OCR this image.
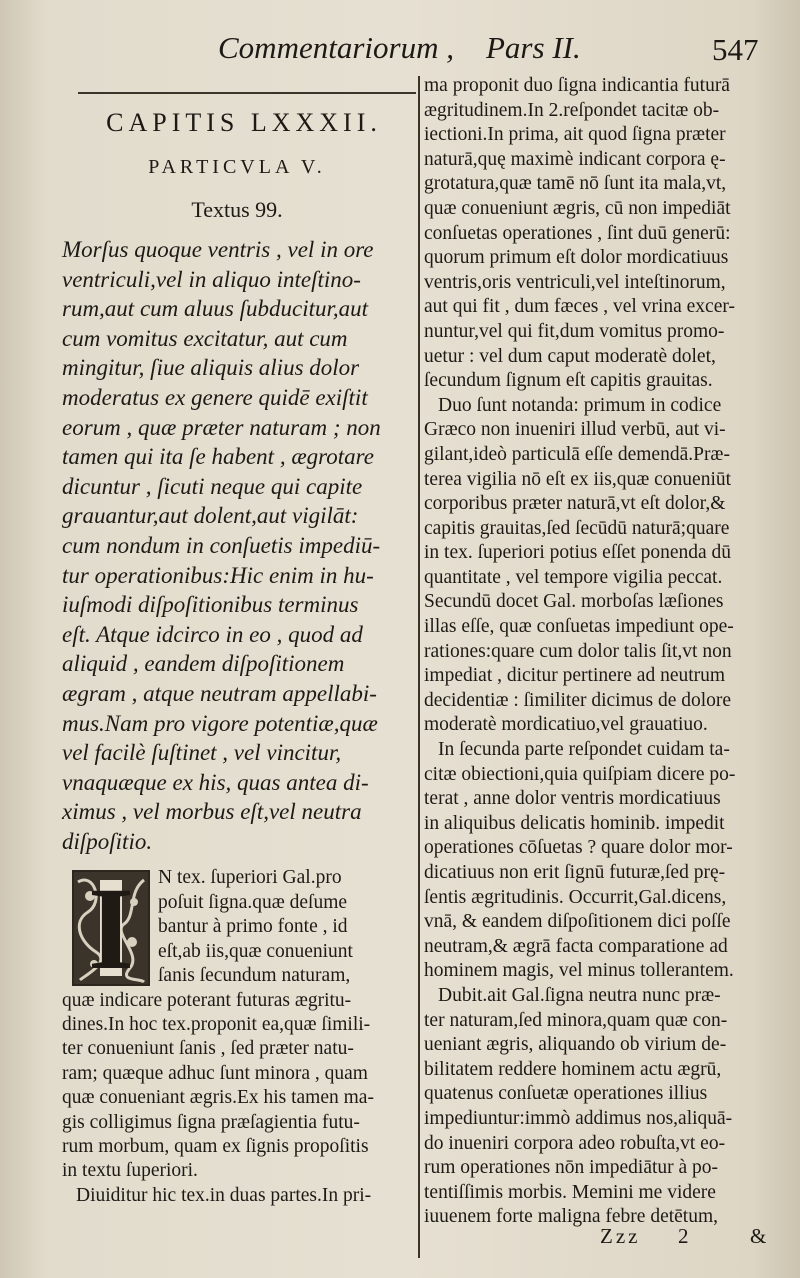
Commentariorum , Pars II.	547
CAPITIS LXXXII.
PARTICVLA V.
Textus 99.
Morſus quoque ventris , vel in ore
ventriculi,vel in aliquo inteſtino-
rum,aut cum aluus ſubducitur,aut
cum vomitus excitatur, aut cum
mingitur, ſiue aliquis alius dolor
moderatus ex genere quidē exiſtit
eorum , quæ præter naturam ; non
tamen qui ita ſe habent , ægrotare
dicuntur , ſicuti neque qui capite
grauantur,aut dolent,aut vigilāt:
cum nondum in conſuetis impediū-
tur operationibus:Hic enim in hu-
iuſmodi diſpoſitionibus terminus
eſt. Atque idcirco in eo , quod ad
aliquid , eandem diſpoſitionem
ægram , atque neutram appellabi-
mus.Nam pro vigore potentiæ,quæ
vel facilè ſuſtinet , vel vincitur,
vnaquæque ex his, quas antea di-
ximus , vel morbus eſt,vel neutra
diſpoſitio.
I	N tex. ſuperiori Gal.pro
poſuit ſigna.quæ deſume
bantur à primo fonte , id
eſt,ab iis,quæ conueniunt
ſanis ſecundum naturam,
quæ indicare poterant futuras ægritu-
dines.In hoc tex.proponit ea,quæ ſimili-
ter conueniunt ſanis , ſed præter natu-
ram; quæque adhuc ſunt minora , quam
quæ conueniant ægris.Ex his tamen ma-
gis colligimus ſigna præſagientia futu-
rum morbum, quam ex ſignis propoſitis
in textu ſuperiori.
Diuiditur hic tex.in duas partes.In pri-
ma proponit duo ſigna indicantia futurā
ægritudinem.In 2.reſpondet tacitæ ob-
iectioni.In prima, ait quod ſigna præter
naturā,quę maximè indicant corpora ę-
grotatura,quæ tamē nō ſunt ita mala,vt,
quæ conueniunt ægris, cū non impediāt
conſuetas operationes , ſint duū generū:
quorum primum eſt dolor mordicatiuus
ventris,oris ventriculi,vel inteſtinorum,
aut qui fit , dum fæces , vel vrina excer-
nuntur,vel qui fit,dum vomitus promo-
uetur : vel dum caput moderatè dolet,
ſecundum ſignum eſt capitis grauitas.
Duo ſunt notanda: primum in codice
Græco non inueniri illud verbū, aut vi-
gilant,ideò particulā eſſe demendā.Præ-
terea vigilia nō eſt ex iis,quæ conueniūt
corporibus præter naturā,vt eſt dolor,&
capitis grauitas,ſed ſecūdū naturā;quare
in tex. ſuperiori potius eſſet ponenda dū
quantitate , vel tempore vigilia peccat.
Secundū docet Gal. morboſas læſiones
illas eſſe, quæ conſuetas impediunt ope-
rationes:quare cum dolor talis ſit,vt non
impediat , dicitur pertinere ad neutrum
decidentiæ : ſimiliter dicimus de dolore
moderatè mordicatiuo,vel grauatiuo.
In ſecunda parte reſpondet cuidam ta-
citæ obiectioni,quia quiſpiam dicere po-
terat , anne dolor ventris mordicatiuus
in aliquibus delicatis hominib. impedit
operationes cōſuetas ? quare dolor mor-
dicatiuus non erit ſignū futuræ,ſed prę-
ſentis ægritudinis. Occurrit,Gal.dicens,
vnā, & eandem diſpoſitionem dici poſſe
neutram,& ægrā facta comparatione ad
hominem magis, vel minus tollerantem.
Dubit.ait Gal.ſigna neutra nunc præ-
ter naturam,ſed minora,quam quæ con-
ueniant ægris, aliquando ob virium de-
bilitatem reddere hominem actu ægrū,
quatenus conſuetæ operationes illius
impediuntur:immò addimus nos,aliquā-
do inueniri corpora adeo robuſta,vt eo-
rum operationes nōn impediātur à po-
tentiſſimis morbis. Memini me videre
iuuenem forte maligna febre detētum,
Zzz 2	&
